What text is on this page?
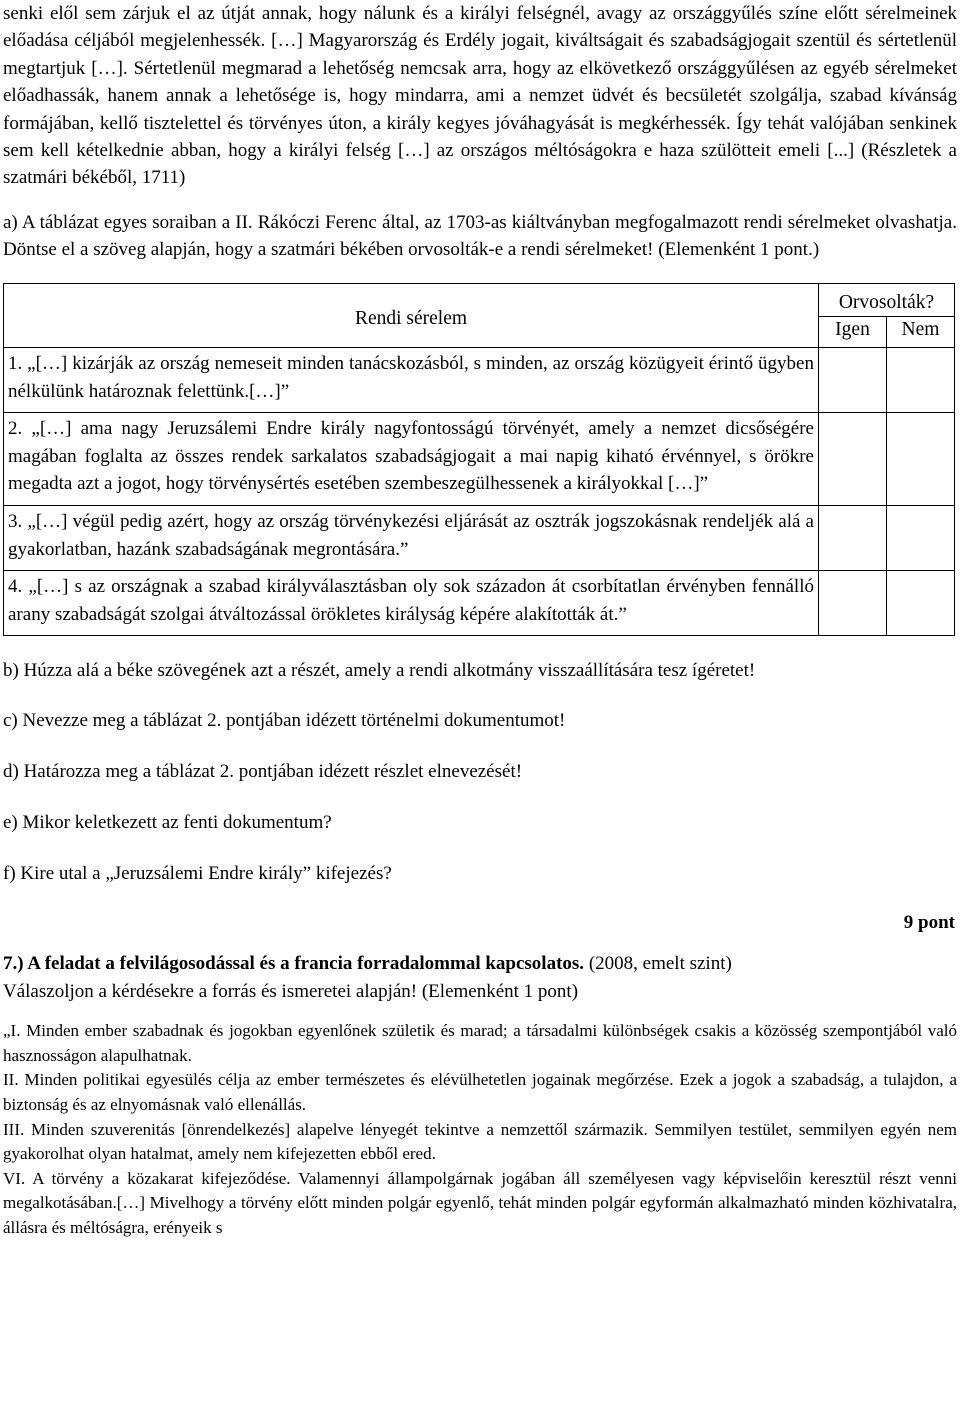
senki elől sem zárjuk el az útját annak, hogy nálunk és a királyi felségnél, avagy az országgyűlés színe előtt sérelmeinek előadása céljából megjelenhessék. […] Magyarország és Erdély jogait, kiváltságait és szabadságjogait szentül és sértetlenül megtartjuk […]. Sértetlenül megmarad a lehetőség nemcsak arra, hogy az elkövetkező országgyűlésen az egyéb sérelmeket előadhassák, hanem annak a lehetősége is, hogy mindarra, ami a nemzet üdvét és becsületét szolgálja, szabad kívánság formájában, kellő tisztelettel és törvényes úton, a király kegyes jóváhagyását is megkérhessék. Így tehát valójában senkinek sem kell kételkednie abban, hogy a királyi felség […] az országos méltóságokra e haza szülötteit emeli [...] (Részletek a szatmári békéből, 1711)

a) A táblázat egyes soraiban a II. Rákóczi Ferenc által, az 1703-as kiáltványban megfogalmazott rendi sérelmeket olvashatja. Döntse el a szöveg alapján, hogy a szatmári békében orvosolták-e a rendi sérelmeket! (Elemenként 1 pont.)

Rendi sérelem	Orvosolták?	
	Igen	Nem
1. „[…] kizárják az ország nemeseit minden tanácskozásból, s minden, az ország közügyeit érintő ügyben nélkülünk határoznak felettünk.[…]”		
2. „[…] ama nagy Jeruzsálemi Endre király nagyfontosságú törvényét, amely a nemzet dicsőségére magában foglalta az összes rendek sarkalatos szabadságjogait a mai napig kiható érvénnyel, s örökre megadta azt a jogot, hogy törvénysértés esetében szembeszegülhessenek a királyokkal […]”		
3. „[…] végül pedig azért, hogy az ország törvénykezési eljárását az osztrák jogszokásnak rendeljék alá a gyakorlatban, hazánk szabadságának megrontására.”		
4. „[…] s az országnak a szabad királyválasztásban oly sok századon át csorbítatlan érvényben fennálló arany szabadságát szolgai átváltozással örökletes királyság képére alakították át.”		

b) Húzza alá a béke szövegének azt a részét, amely a rendi alkotmány visszaállítására tesz ígéretet!

c) Nevezze meg a táblázat 2. pontjában idézett történelmi dokumentumot!

d) Határozza meg a táblázat 2. pontjában idézett részlet elnevezését!

e) Mikor keletkezett az fenti dokumentum?

f) Kire utal a „Jeruzsálemi Endre király” kifejezés?

9 pont

7.) A feladat a felvilágosodással és a francia forradalommal kapcsolatos. (2008, emelt szint)

Válaszoljon a kérdésekre a forrás és ismeretei alapján! (Elemenként 1 pont)

„I. Minden ember szabadnak és jogokban egyenlőnek születik és marad; a társadalmi különbségek csakis a közösség szempontjából való hasznosságon alapulhatnak.

II. Minden politikai egyesülés célja az ember természetes és elévülhetetlen jogainak megőrzése. Ezek a jogok a szabadság, a tulajdon, a biztonság és az elnyomásnak való ellenállás.

III. Minden szuverenitás [önrendelkezés] alapelve lényegét tekintve a nemzettől származik. Semmilyen testület, semmilyen egyén nem gyakorolhat olyan hatalmat, amely nem kifejezetten ebből ered.

VI. A törvény a közakarat kifejeződése. Valamennyi állampolgárnak jogában áll személyesen vagy képviselőin keresztül részt venni megalkotásában.[…] Mivelhogy a törvény előtt minden polgár egyenlő, tehát minden polgár egyformán alkalmazható minden közhivatalra, állásra és méltóságra, erényeik s
